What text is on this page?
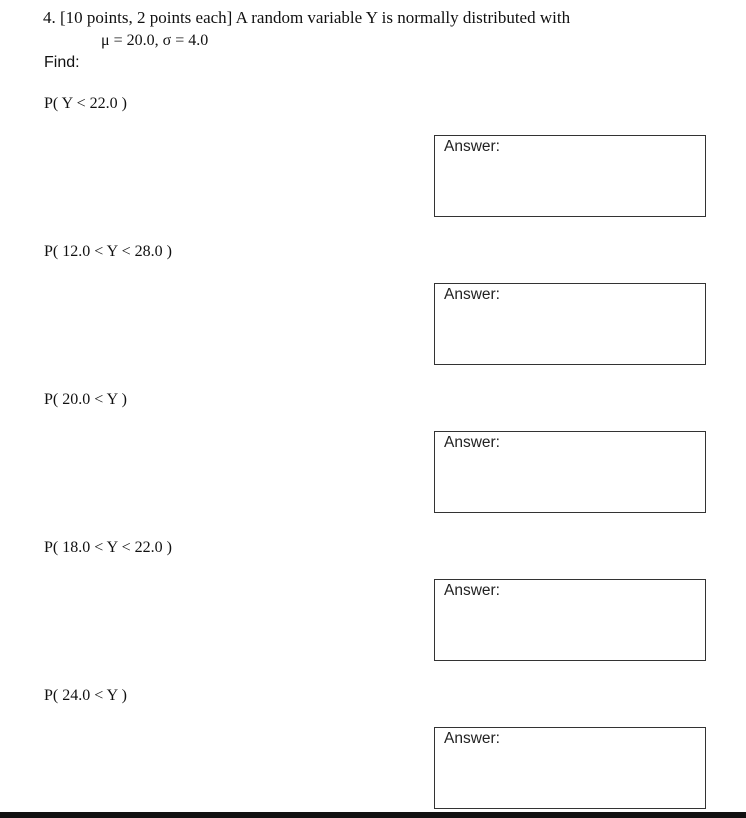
4. [10 points, 2 points each] A random variable Y is normally distributed with
μ = 20.0, σ = 4.0
Find:
P( Y < 22.0 )
Answer:
P( 12.0 < Y < 28.0 )
Answer:
P( 20.0 < Y )
Answer:
P( 18.0 < Y < 22.0 )
Answer:
P( 24.0 < Y )
Answer:
